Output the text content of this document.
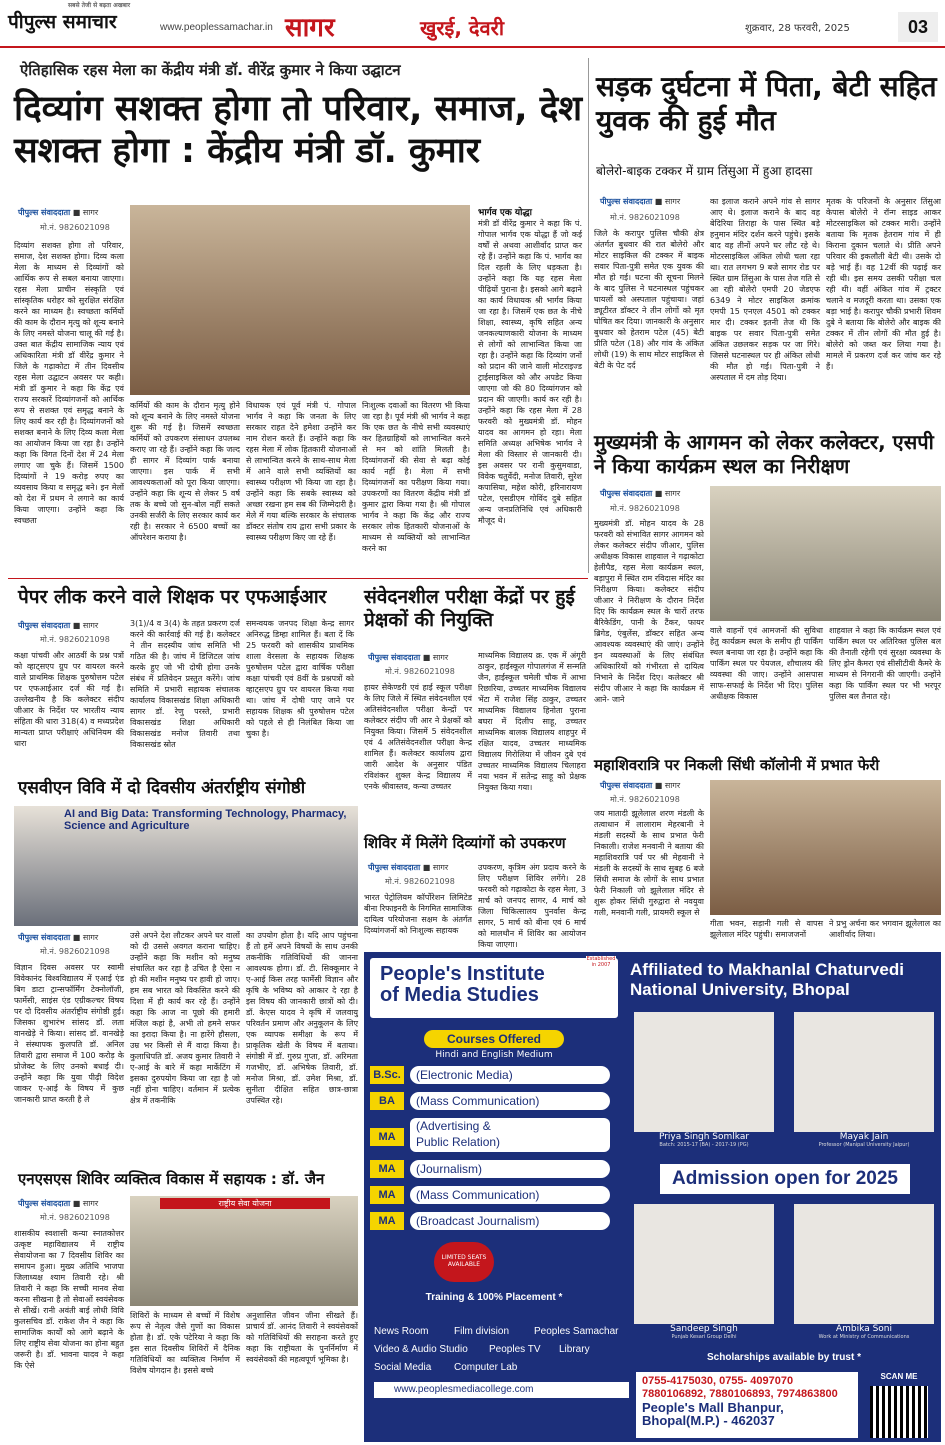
पीपुल्स समाचार
सबसे तेजी से बढ़ता अखबार
www.peoplessamachar.in सागर	खुरई, देवरी	शुक्रवार, 28 फरवरी, 2025	03
ऐतिहासिक रहस मेला का केंद्रीय मंत्री डॉ. वीरेंद्र कुमार ने किया उद्घाटन
दिव्यांग सशक्त होगा तो परिवार, समाज, देश सशक्त होगा : केंद्रीय मंत्री डॉ. कुमार
पीपुल्स संवाददाता ■ सागर
मो.नं. 9826021098
दिव्यांग सशक्त होगा तो परिवार, समाज, देश सशक्त होगा। दिव्य कला मेला के माध्यम से दिव्यांगों को आर्थिक रूप से सबल बनाया जाएगा। रहस मेला प्राचीन संस्कृति एवं सांस्कृतिक धरोहर को सुरक्षित संरक्षित करने का माध्यम है। स्वच्छता कर्मियों की काम के दौरान मृत्यु को शून्य बनाने के लिए नमस्ते योजना चालू की गई है। उक्त बात केंद्रीय सामाजिक न्याय एवं अधिकारिता मंत्री डॉ वीरेंद्र कुमार ने जिले के गढ़ाकोटा में तीन दिवसीय रहस मेला उद्घाटन अवसर पर कही। मंत्री डॉ कुमार ने कहा कि केंद्र एवं राज्य सरकारें दिव्यांगजनों को आर्थिक रूप से सशक्त एवं समृद्ध बनाने के लिए कार्य कर रही है। दिव्यांगजनों को सशक्त बनाने के लिए दिव्य कला मेला का आयोजन किया जा रहा है। उन्होंने कहा कि विगत दिनों देश में 24 मेला लगाए जा चुके हैं। जिसमें 1500 दिव्यांगों ने 19 करोड़ रुपए का व्यवसाय किया व समृद्ध बने। इन मेलों को देश में प्रथम ने लगाने का कार्य किया जाएगा। उन्होंने कहा कि स्वच्छता
कर्मियों की काम के दौरान मृत्यु होने को शून्य बनाने के लिए नमस्ते योजना शुरू की गई है। जिसमें स्वच्छता कर्मियों को उपकरण संसाधन उपलब्ध कराए जा रहे हैं। उन्होंने कहा कि जल्द ही सागर में दिव्यांग पार्क बनाया जाएगा। इस पार्क में सभी आवश्यकताओं को पूरा किया जाएगा। उन्होंने कहा कि शून्य से लेकर 5 वर्ष तक के बच्चे जो सुन-बोल नहीं सकते उनकी सर्जरी के लिए सरकार कार्य कर रही है। सरकार ने 6500 बच्चों का ऑपरेशन कराया है।
विधायक एवं पूर्व मंत्री पं. गोपाल भार्गव ने कहा कि जनता के लिए सरकार राहत देने हमेशा उन्होंने कर नाम रोशन करते हैं। उन्होंने कहा कि रहस मेला में लोक हितकारी योजनाओं से लाभान्वित करने के साथ-साथ मेला में आने वाले सभी व्यक्तियों का स्वास्थ्य परीक्षण भी किया जा रहा है। उन्होंने कहा कि सबके स्वास्थ्य को अच्छा रखना हम सब की जिम्मेदारी है। मेले में गया बल्कि सरकार के संचालक डॉक्टर संतोष राय द्वारा सभी प्रकार के स्वास्थ्य परीक्षण किए जा रहे हैं।
निःशुल्क दवाओं का वितरण भी किया जा रहा है। पूर्व मंत्री श्री भार्गव ने कहा कि एक छत के नीचे सभी व्यवस्थाएं कर हितग्राहियों को लाभान्वित करने से मन को शांति मिलती है। दिव्यांगजनों की सेवा से बढ़ा कोई कार्य नहीं है। मेला में सभी दिव्यांगजनों का परीक्षण किया गया। उपकरणों का वितरण केंद्रीय मंत्री डॉ कुमार द्वारा किया गया है। श्री गोपाल भार्गव ने कहा कि केंद्र और राज्य सरकार लोक हितकारी योजनाओं के माध्यम से व्यक्तियों को लाभान्वित करने का
भार्गव एक योद्धा
मंत्री डॉ वीरेंद्र कुमार ने कहा कि पं. गोपाल भार्गव एक योद्धा हैं जो कई वर्षों से अथवा आशीर्वाद प्राप्त कर रहे हैं। उन्होंने कहा कि पं. भार्गव का दिल रहली के लिए धड़कता है। उन्होंने कहा कि यह रहस मेला पीढ़ियों पुराना है। इसको आगे बढ़ाने का कार्य विधायक श्री भार्गव किया जा रहा है। जिसमें एक छत के नीचे शिक्षा, स्वास्थ्य, कृषि सहित अन्य जनकल्याणकारी योजना के माध्यम से लोगों को लाभान्वित किया जा रहा है। उन्होंने कहा कि दिव्यांग जनों को प्रदान की जाने वाली मोटराइज्ड ट्राईसाइकिल को और अपडेट किया जाएगा जो की 80 दिव्यांगजन को प्रदान की जाएगी। कार्य कर रही है। उन्होंने कहा कि रहस मेला में 28 फरवरी को मुख्यमंत्री डॉ. मोहन यादव का आगमन हो रहा। मेला समिति अध्यक्ष अभिषेक भार्गव ने मेला की विस्तार से जानकारी दी। इस अवसर पर रानी कुसुमवाडा, विवेक चतुर्वेदी, मनोज तिवारी, सुरेश कपासिया, महेश कोरी, हरिनारायण पटेल, एसडीएम गोविंद दुबे सहित अन्य जनप्रतिनिधि एवं अधिकारी मौजूद थे।
सड़क दुर्घटना में पिता, बेटी सहित युवक की हुई मौत
बोलेरो-बाइक टक्कर में ग्राम तिंसुआ में हुआ हादसा
पीपुल्स संवाददाता ■ सागर
मो.नं. 9826021098
जिले के करापुर पुलिस चौकी क्षेत्र अंतर्गत बुधवार की रात बोलेरो और मोटर साइकिल की टक्कर में बाइक सवार पिता-पुत्री समेत एक युवक की मौत हो गई। घटना की सूचना मिलने के बाद पुलिस ने घटनास्थल पहुंचकर घायलों को अस्पताल पहुंचाया। जहां ड्यूटीरत डॉक्टर ने तीन लोगों को मृत घोषित कर दिया। जानकारी के अनुसार बुधवार को हेतराम पटेल (45) बेटी प्रीति पटेल (18) और गांव के अंकित लोधी (19) के साथ मोटर साइकिल से बेटी के पेट दर्द
का इलाज कराने अपने गांव से सागर आए थे। इलाज कराने के बाद वह बेदिरिया तिराहा के पास स्थित बड़े हनुमान मंदिर दर्शन करने पहुंचे। इसके बाद वह तीनों अपने घर लौट रहे थे। मोटरसाइकिल अंकित लोधी चला रहा था। रात लगभग 9 बजे सागर रोड पर स्थित ग्राम तिंसुआ के पास तेज गति से आ रही बोलेरो एमपी 20 जेडएफ 6349 ने मोटर साइकिल क्रमांक एमपी 15 एनएल 4501 को टक्कर मार दी। टक्कर इतनी तेज थी कि बाइक पर सवार पिता-पुत्री समेत अंकित उछलकर सड़क पर जा गिरे। जिससे घटनास्थल पर ही अंकित लोधी की मौत हो गई। पिता-पुत्री ने अस्पताल में दम तोड़ दिया।
मृतक के परिजनों के अनुसार तिंसुआ केपास बोलेरो ने रॉन्ग साइड आकर मोटरसाइकिल को टक्कर मारी। उन्होंने बताया कि मृतक हेतराम गांव में ही किराना दुकान चलाते थे। प्रीति अपने परिवार की इकलौती बेटी थी। उसके दो बड़े भाई हैं। वह 12वीं की पढ़ाई कर रही थी। इस समय उसकी परीक्षा चल रही थी। वहीं अंकित गांव में ट्रक्टर चलाने व मजदूरी करता था। उसका एक बड़ा भाई है। करापुर चौकी प्रभारी शिवम दुबे ने बताया कि बोलेरो और बाइक की टक्कर में तीन लोगों की मौत हुई है। बोलेरो को जब्त कर लिया गया है। मामले में प्रकरण दर्ज कर जांच कर रहे हैं।
मुख्यमंत्री के आगमन को लेकर कलेक्टर, एसपी ने किया कार्यक्रम स्थल का निरीक्षण
पीपुल्स संवाददाता ■ सागर
मो.नं. 9826021098
मुख्यमंत्री डॉ. मोहन यादव के 28 फरवरी को संभावित सागर आगमन को लेकर कलेक्टर संदीप जीआर, पुलिस अधीक्षक विकास शाहवाल ने गढ़ाकोटा हेलीपैड, रहस मेला कार्यक्रम स्थल, बड़ापुरा में स्थित राम रविदास मंदिर का निरीक्षण किया। कलेक्टर संदीप जीआर ने निरीक्षण के दौरान निर्देश दिए कि कार्यक्रम स्थल के चारों तरफ बैरिकेडिंग, पानी के टैंकर, फायर ब्रिगेड, एंबुलेंस, डॉक्टर सहित अन्य आवश्यक व्यवस्थाएं की जाएं। उन्होंने इन व्यवस्थाओं के लिए संबंधित अधिकारियों को गंभीरता से दायित्व निभाने के निर्देश दिए। कलेक्टर श्री संदीप जीआर ने कहा कि कार्यक्रम में आने- जाने
वाले वाहनों एवं आमजनों की सुविधा हेतु कार्यक्रम स्थल के समीप ही पार्किंग स्थल बनाया जा रहा है। उन्होंने कहा कि पार्किंग स्थल पर पेयजल, शौचालय की व्यवस्था की जाए। उन्होंने आसपास साफ-सफाई के निर्देश भी दिए। पुलिस अधीक्षक विकास
शाहवाल ने कहा कि कार्यक्रम स्थल एवं पार्किंग स्थल पर अतिरिक्त पुलिस बल की तैनाती रहेगी एवं सुरक्षा व्यवस्था के लिए ड्रोन कैमरा एवं सीसीटीवी कैमरे के माध्यम से निगरानी की जाएगी। उन्होंने कहा कि पार्किंग स्थल पर भी भरपूर पुलिस बल तैनात रहे।
पेपर लीक करने वाले शिक्षक पर एफआईआर
पीपुल्स संवाददाता ■ सागर
मो.नं. 9826021098
कक्षा पांचवी और आठवीं के प्रश्न पत्रों को व्हाट्सएप ग्रुप पर वायरल करने वाले प्राथमिक शिक्षक पुरुषोत्तम पटेल पर एफआईआर दर्ज की गई है। उल्लेखनीय है कि कलेक्टर संदीप जीआर के निर्देश पर भारतीय न्याय संहिता की धारा 318(4) व मध्यप्रदेश मान्यता प्राप्त परीक्षाएं अधिनियम की धारा
3(1)/4 व 3(4) के तहत प्रकरण दर्ज करने की कार्रवाई की गई है। कलेक्टर ने तीन सदस्यीय जांच समिति भी गठित की है। जांच में डिजिटल जांच करके हुए जो भी दोषी होगा उनके संबंध में प्रतिवेदन प्रस्तुत करेंगे। जांच समिति में प्रभारी सहायक संचालक कार्यालय विकासखंड शिक्षा अधिकारी सागर डॉ. रेणु परस्ते, प्रभारी विकासखंड शिक्षा अधिकारी विकासखंड मनोज तिवारी तथा विकासखंड स्रोत
समन्वयक जनपद शिक्षा केन्द्र सागर अनिरुद्ध डिम्हा शामिल हैं। बता दें कि 25 फरवरी को शासकीय प्राथमिक शाला वेरसला के सहायक शिक्षक पुरुषोत्तम पटेल द्वारा वार्षिक परीक्षा कक्षा पांचवी एवं 8वीं के प्रश्नपत्रों को व्हाट्सएप ग्रुप पर वायरल किया गया था। जांच में दोषी पाए जाने पर सहायक शिक्षक श्री पुरुषोत्तम पटेल को पहले से ही निलंबित किया जा चुका है।
संवेदनशील परीक्षा केंद्रों पर हुई प्रेक्षकों की नियुक्ति
पीपुल्स संवाददाता ■ सागर
मो.नं. 9826021098
हायर सेकेण्डरी एवं हाई स्कूल परीक्षा के लिए जिले में स्थित संवेदनशील एवं अतिसंवेदनशील परीक्षा केन्द्रों पर कलेक्टर संदीप जी आर ने प्रेक्षकों को नियुक्त किया। जिसमें 5 संवेदनशील एवं 4 अतिसंवेदनशील परीक्षा केन्द्र शामिल हैं। कलेक्टर कार्यालय द्वारा जारी आदेश के अनुसार पंडित रविशंकर शुक्ल केन्द्र विद्यालय में एनके श्रीवास्तव, कन्या उच्चतर
माध्यमिक विद्यालय क्र. एक में अंगूरी ठाकुर, हाईस्कूल गोपालगंज में सन्मति जैन, हाईस्कूल चमेली चौक में आभा रिछारिया, उच्चतर माध्यमिक विद्यालय भेंटा में राजेश सिंह ठाकुर, उच्चतर माध्यमिक विद्यालय हिनोता पुराना बघरा में दिलीप साहू, उच्चतर माध्यमिक बालक विद्यालय शाहपुर में रक्षित यादव, उच्चतर माध्यमिक विद्यालय गिरोलिया में जीवन दुबे एवं उच्चतर माध्यमिक विद्यालय चिलाहरा नया भवन में सतेन्द्र साहू को प्रेक्षक नियुक्त किया गया।
एसवीएन विवि में दो दिवसीय अंतर्राष्ट्रीय संगोष्ठी
AI and Big Data: Transforming Technology, Pharmacy, Science and Agriculture
पीपुल्स संवाददाता ■ सागर
मो.नं. 9826021098
विज्ञान दिवस अवसर पर स्वामी विवेकानंद विश्वविद्यालय में एआई एंड बिग डाटा ट्रान्सफॉर्मिंग टेक्नोलॉजी, फार्मेसी, साइंस एंड एग्रीकल्चर विषय पर दो दिवसीय अंतर्राष्ट्रीय संगोष्ठी हुई। जिसका शुभारंभ सांसद डॉ. लता वानखेड़े ने किया। सांसद डॉ. वानखेड़े ने संस्थापक कुलपति डॉ. अनिल तिवारी द्वारा समाज में 100 करोड़ के प्रोजेक्ट के लिए उनको बधाई दी। उन्होंने कहा कि युवा पीढ़ी विदेश जाकर ए-आई के विषय में कुछ जानकारी प्राप्त करती है ले
उसे अपने देश लौटकर अपने घर वालों को दी उससे अवगत कराना चाहिए। उन्होंने कहा कि मशीन को मनुष्य संचालित कर रहा है उचित है ऐसा न हो की मशीन मनुष्य पर हावी हो जाए। हम सब भारत को विकसित करने की दिशा में ही कार्य कर रहे हैं। उन्होंने कहा कि आज ना पूछो की हमारी मंजिल कहां है, अभी तो हमने सफर का इरादा किया है। ना हारेंगे हौसला, उम्र भर किसी से मैं वादा किया है। कुलाधिपति डॉ. अजय कुमार तिवारी ने ए-आई के बारे में कहा मार्केटिंग में इसका दुरुपयोग किया जा रहा है जो नहीं होना चाहिए। वर्तमान में प्रत्येक क्षेत्र में तकनीकि
का उपयोग होता है। यदि आप पहुंचना हैं तो हमें अपने विषयों के साथ उनकी तकनीकि गतिविधियों की जानना आवश्यक होगा। डॉ. टी. सिक्कूमार ने ए-आई किस तरह फार्मेसी विज्ञान और कृषि के भविष्य को आकार दे रहा है इस विषय की जानकारी छात्रों को दी। डॉ. केएस यादव ने कृषि में जलवायु परिवर्तन प्रमाण और अनुकूलन के लिए एक व्यापक समीक्षा के रूप में प्राकृतिक खेती के विषय में बताया। संगोष्ठी में डॉ. गुरुप्र गुप्ता, डॉ. अरिमता गजभीए, डॉ. अभिषेक तिवारी, डॉ. मनोज मिश्रा, डॉ. उमेश मिश्रा, डॉ. सुनीता दीक्षित सहित छात्र-छात्रा उपस्थित रहे।
शिविर में मिलेंगे दिव्यांगों को उपकरण
पीपुल्स संवाददाता ■ सागर
मो.नं. 9826021098
भारत पेट्रोलियम कॉर्पोरेशन लिमिटेड बीना रिफाइनरी के निगमित सामाजिक दायित्व परियोजना सक्षम के अंतर्गत दिव्यांगजनों को निःशुल्क सहायक
उपकरण, कृत्रिम अंग प्रदाय करने के लिए परीक्षण शिविर लगेंगे। 28 फरवरी को गढ़ाकोटा के रहस मेला, 3 मार्च को जनपद सागर, 4 मार्च को जिला चिकित्सालय पुनर्वास केन्द्र सागर, 5 मार्च को बीना एवं 6 मार्च को मालथौन में शिविर का आयोजन किया जाएगा।
महाशिवरात्रि पर निकली सिंधी कॉलोनी में प्रभात फेरी
पीपुल्स संवाददाता ■ सागर
मो.नं. 9826021098
जय मातादी झूलेलाल शरण मंडली के तत्वाधान में लालाराम मेहरबानी ने मंडली सदस्यों के साथ प्रभात फेरी निकाली। राजेश मनवानी ने बताया की महाशिवरात्रि पर्व पर श्री मेहवानी ने मंडली के सदस्यों के साथ सुबह 6 बजे सिंधी समाज के लोगों के साथ प्रभात फेरी निकाली जो झूलेलाल मंदिर से शुरू होकर सिंधी गुरुद्वारा से नवयुवा गली, मनवानी गली, प्रायमरी स्कूल से
गीता भवन, सड़ानी गली से वापस झूलेलाल मंदिर पहुंची। समाजजनों
ने प्रभु अर्चना कर भगवान झूलेलाल का आशीर्वाद लिया।
एनएसएस शिविर व्यक्तित्व विकास में सहायक : डॉ. जैन
पीपुल्स संवाददाता ■ सागर
मो.नं. 9826021098
शासकीय स्वशासी कन्या स्नातकोत्तर उत्कृष्ट महाविद्यालय में राष्ट्रीय सेवायोजना का 7 दिवसीय शिविर का समापन हुआ। मुख्य अतिथि भाजपा जिलाध्यक्ष श्याम तिवारी रहे। श्री तिवारी ने कहा कि सच्ची मानव सेवा करना सीखना है तो सेवाओं स्वयंसेवक से सीखें। रानी अवंती बाई लोधी विवि कुलसचिव डॉ. राकेश जैन ने कहा कि सामाजिक कार्यों को आगे बढ़ाने के लिए राष्ट्रीय सेवा योजना का होना बहुत जरूरी है। डॉ. भावना यादव ने कहा कि ऐसे
राष्ट्रीय सेवा योजना
शिविरों के माध्यम से बच्चों में विशेष रूप से नेतृत्व जैसे गुणों का विकास होता है। डॉ. एके पटेरिया ने कहा कि इस सात दिवसीय शिविरों में दैनिक गतिविधियों का व्यक्तित्व निर्माण में विशेष योगदान है। इससे बच्चे
अनुशासित जीवन जीना सीखते हैं। प्राचार्य डॉ. आनंद तिवारी ने स्वयंसेवकों को गतिविधियों की सराहना करते हुए कहा कि राष्ट्रीयता के पुनर्निर्माण में स्वयंसेवकों की महत्वपूर्ण भूमिका है।
People's Institute
of Media Studies
Established in 2007
Courses Offered
Hindi and English Medium
B.Sc.	(Electronic Media)
BA	(Mass Communication)
MA
(Advertising &
Public Relation)
MA	(Journalism)
MA	(Mass Communication)
MA	(Broadcast Journalism)
LIMITED SEATS AVAILABLE
Training & 100% Placement *
Affiliated to Makhanlal Chaturvedi National University, Bhopal
Priya Singh Somlkar
Batch: 2015-17 (BA) - 2017-19 (PG)
Mayak Jain
Professor (Manipal University Jaipur)
Admission open for 2025
Sandeep Singh
Punjab Kesari Group Delhi
Ambika Soni
Work at Ministry of Communications
Scholarships available by trust *
News Room	Film division Peoples Samachar
Video & Audio Studio Peoples TV Library
Social Media Computer Lab
0755-4175030, 0755- 4097070
7880106892, 7880106893, 7974863800
People's Mall Bhanpur,
Bhopal(M.P.) - 462037
SCAN ME
www.peoplesmediacollege.com
